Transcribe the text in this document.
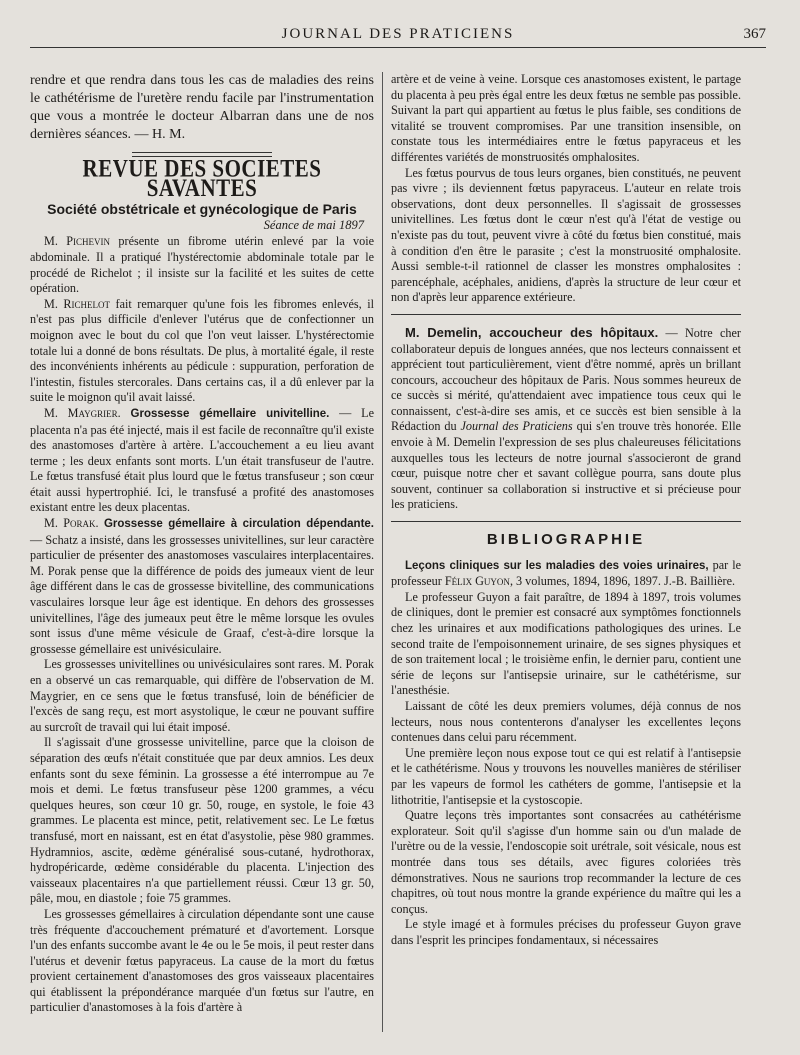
JOURNAL DES PRATICIENS	367

rendre et que rendra dans tous les cas de maladies des reins le cathétérisme de l'uretère rendu facile par l'instrumentation que vous a montrée le docteur Albarran dans une de nos dernières séances. — H. M.

REVUE DES SOCIETES SAVANTES
Société obstétricale et gynécologique de Paris
Séance de mai 1897

M. Pichevin présente un fibrome utérin enlevé par la voie abdominale. Il a pratiqué l'hystérectomie abdominale totale par le procédé de Richelot ; il insiste sur la facilité et les suites de cette opération.

M. Richelot fait remarquer qu'une fois les fibromes enlevés, il n'est pas plus difficile d'enlever l'utérus que de confectionner un moignon avec le bout du col que l'on veut laisser. L'hystérectomie totale lui a donné de bons résultats. De plus, à mortalité égale, il reste des inconvénients inhérents au pédicule : suppuration, perforation de l'intestin, fistules stercorales. Dans certains cas, il a dû enlever par la suite le moignon qu'il avait laissé.

M. Maygrier. Grossesse gémellaire univitelline. — Le placenta n'a pas été injecté, mais il est facile de reconnaître qu'il existe des anastomoses d'artère à artère. L'accouchement a eu lieu avant terme ; les deux enfants sont morts. L'un était transfuseur de l'autre. Le fœtus transfusé était plus lourd que le fœtus transfuseur ; son cœur était aussi hypertrophié. Ici, le transfusé a profité des anastomoses existant entre les deux placentas.

M. Porak. Grossesse gémellaire à circulation dépendante. — Schatz a insisté, dans les grossesses univitellines, sur leur caractère particulier de présenter des anastomoses vasculaires interplacentaires. M. Porak pense que la différence de poids des jumeaux vient de leur âge différent dans le cas de grossesse bivitelline, des communications vasculaires lorsque leur âge est identique. En dehors des grossesses univitellines, l'âge des jumeaux peut être le même lorsque les ovules sont issus d'une même vésicule de Graaf, c'est-à-dire lorsque la grossesse gémellaire est univésiculaire.

Les grossesses univitellines ou univésiculaires sont rares. M. Porak en a observé un cas remarquable, qui diffère de l'observation de M. Maygrier, en ce sens que le fœtus transfusé, loin de bénéficier de l'excès de sang reçu, est mort asystolique, le cœur ne pouvant suffire au surcroît de travail qui lui était imposé.

Il s'agissait d'une grossesse univitelline, parce que la cloison de séparation des œufs n'était constituée que par deux amnios. Les deux enfants sont du sexe féminin. La grossesse a été interrompue au 7e mois et demi. Le fœtus transfuseur pèse 1200 grammes, a vécu quelques heures, son cœur 10 gr. 50, rouge, en systole, le foie 43 grammes. Le placenta est mince, petit, relativement sec. Le Le fœtus transfusé, mort en naissant, est en état d'asystolie, pèse 980 grammes. Hydramnios, ascite, œdème généralisé sous-cutané, hydrothorax, hydropéricarde, œdème considérable du placenta. L'injection des vaisseaux placentaires n'a que partiellement réussi. Cœur 13 gr. 50, pâle, mou, en diastole ; foie 75 grammes.

Les grossesses gémellaires à circulation dépendante sont une cause très fréquente d'accouchement prématuré et d'avortement. Lorsque l'un des enfants succombe avant le 4e ou le 5e mois, il peut rester dans l'utérus et devenir fœtus papyraceus. La cause de la mort du fœtus provient certainement d'anastomoses des gros vaisseaux placentaires qui établissent la prépondérance marquée d'un fœtus sur l'autre, en particulier d'anastomoses à la fois d'artère à

artère et de veine à veine. Lorsque ces anastomoses existent, le partage du placenta à peu près égal entre les deux fœtus ne semble pas possible. Suivant la part qui appartient au fœtus le plus faible, ses conditions de vitalité se trouvent compromises. Par une transition insensible, on constate tous les intermédiaires entre le fœtus papyraceus et les différentes variétés de monstruosités omphalosites.

Les fœtus pourvus de tous leurs organes, bien constitués, ne peuvent pas vivre ; ils deviennent fœtus papyraceus. L'auteur en relate trois observations, dont deux personnelles. Il s'agissait de grossesses univitellines. Les fœtus dont le cœur n'est qu'à l'état de vestige ou n'existe pas du tout, peuvent vivre à côté du fœtus bien constitué, mais à condition d'en être le parasite ; c'est la monstruosité omphalosite. Aussi semble-t-il rationnel de classer les monstres omphalosites : parencéphale, acéphales, anidiens, d'après la structure de leur cœur et non d'après leur apparence extérieure.

M. Demelin, accoucheur des hôpitaux. — Notre cher collaborateur depuis de longues années, que nos lecteurs connaissent et apprécient tout particulièrement, vient d'être nommé, après un brillant concours, accoucheur des hôpitaux de Paris. Nous sommes heureux de ce succès si mérité, qu'attendaient avec impatience tous ceux qui le connaissent, c'est-à-dire ses amis, et ce succès est bien sensible à la Rédaction du Journal des Praticiens qui s'en trouve très honorée. Elle envoie à M. Demelin l'expression de ses plus chaleureuses félicitations auxquelles tous les lecteurs de notre journal s'associeront de grand cœur, puisque notre cher et savant collègue pourra, sans doute plus souvent, continuer sa collaboration si instructive et si précieuse pour les praticiens.

BIBLIOGRAPHIE

Leçons cliniques sur les maladies des voies urinaires, par le professeur Félix Guyon, 3 volumes, 1894, 1896, 1897. J.-B. Baillière.

Le professeur Guyon a fait paraître, de 1894 à 1897, trois volumes de cliniques, dont le premier est consacré aux symptômes fonctionnels chez les urinaires et aux modifications pathologiques des urines. Le second traite de l'empoisonnement urinaire, de ses signes physiques et de son traitement local ; le troisième enfin, le dernier paru, contient une série de leçons sur l'antisepsie urinaire, sur le cathétérisme, sur l'anesthésie.

Laissant de côté les deux premiers volumes, déjà connus de nos lecteurs, nous nous contenterons d'analyser les excellentes leçons contenues dans celui paru récemment.

Une première leçon nous expose tout ce qui est relatif à l'antisepsie et le cathétérisme. Nous y trouvons les nouvelles manières de stériliser par les vapeurs de formol les cathéters de gomme, l'antisepsie et la lithotritie, l'antisepsie et la cystoscopie.

Quatre leçons très importantes sont consacrées au cathétérisme explorateur. Soit qu'il s'agisse d'un homme sain ou d'un malade de l'urètre ou de la vessie, l'endoscopie soit urétrale, soit vésicale, nous est montrée dans tous ses détails, avec figures coloriées très démonstratives. Nous ne saurions trop recommander la lecture de ces chapitres, où tout nous montre la grande expérience du maître qui les a conçus.

Le style imagé et à formules précises du professeur Guyon grave dans l'esprit les principes fondamentaux, si nécessaires
